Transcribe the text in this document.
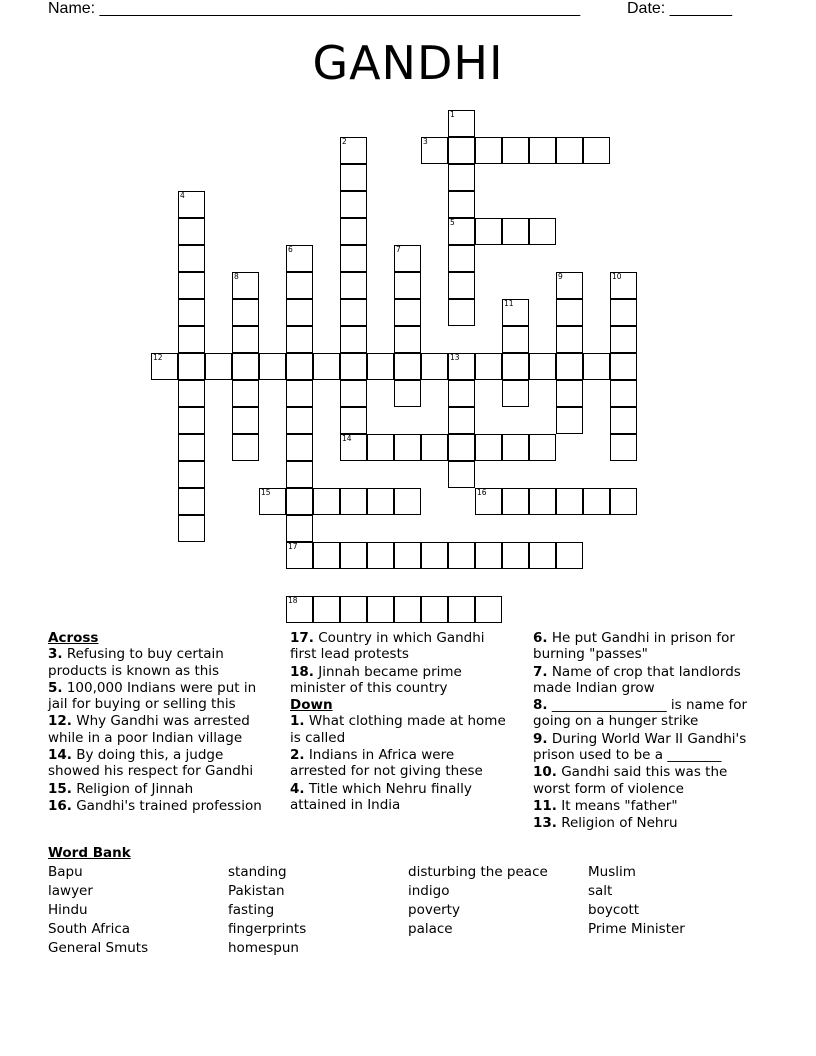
Name: ______________________________________________________	Date: _______
GANDHI
1
2	3
4
5
6	7
8	9	10
11
12	13
14
15	16
17
18
Across
3. Refusing to buy certain products is known as this
5. 100,000 Indians were put in jail for buying or selling this
12. Why Gandhi was arrested while in a poor Indian village
14. By doing this, a judge showed his respect for Gandhi
15. Religion of Jinnah
16. Gandhi's trained profession
17. Country in which Gandhi first lead protests
18. Jinnah became prime minister of this country
Down
1. What clothing made at home is called
2. Indians in Africa were arrested for not giving these
4. Title which Nehru finally attained in India
6. He put Gandhi in prison for burning "passes"
7. Name of crop that landlords made Indian grow
8. _________________ is name for going on a hunger strike
9. During World War II Gandhi's prison used to be a ________
10. Gandhi said this was the worst form of violence
11. It means "father"
13. Religion of Nehru
Word Bank
Bapu
lawyer
Hindu
South Africa
General Smuts
standing
Pakistan
fasting
fingerprints
homespun
disturbing the peace
indigo
poverty
palace
Muslim
salt
boycott
Prime Minister
